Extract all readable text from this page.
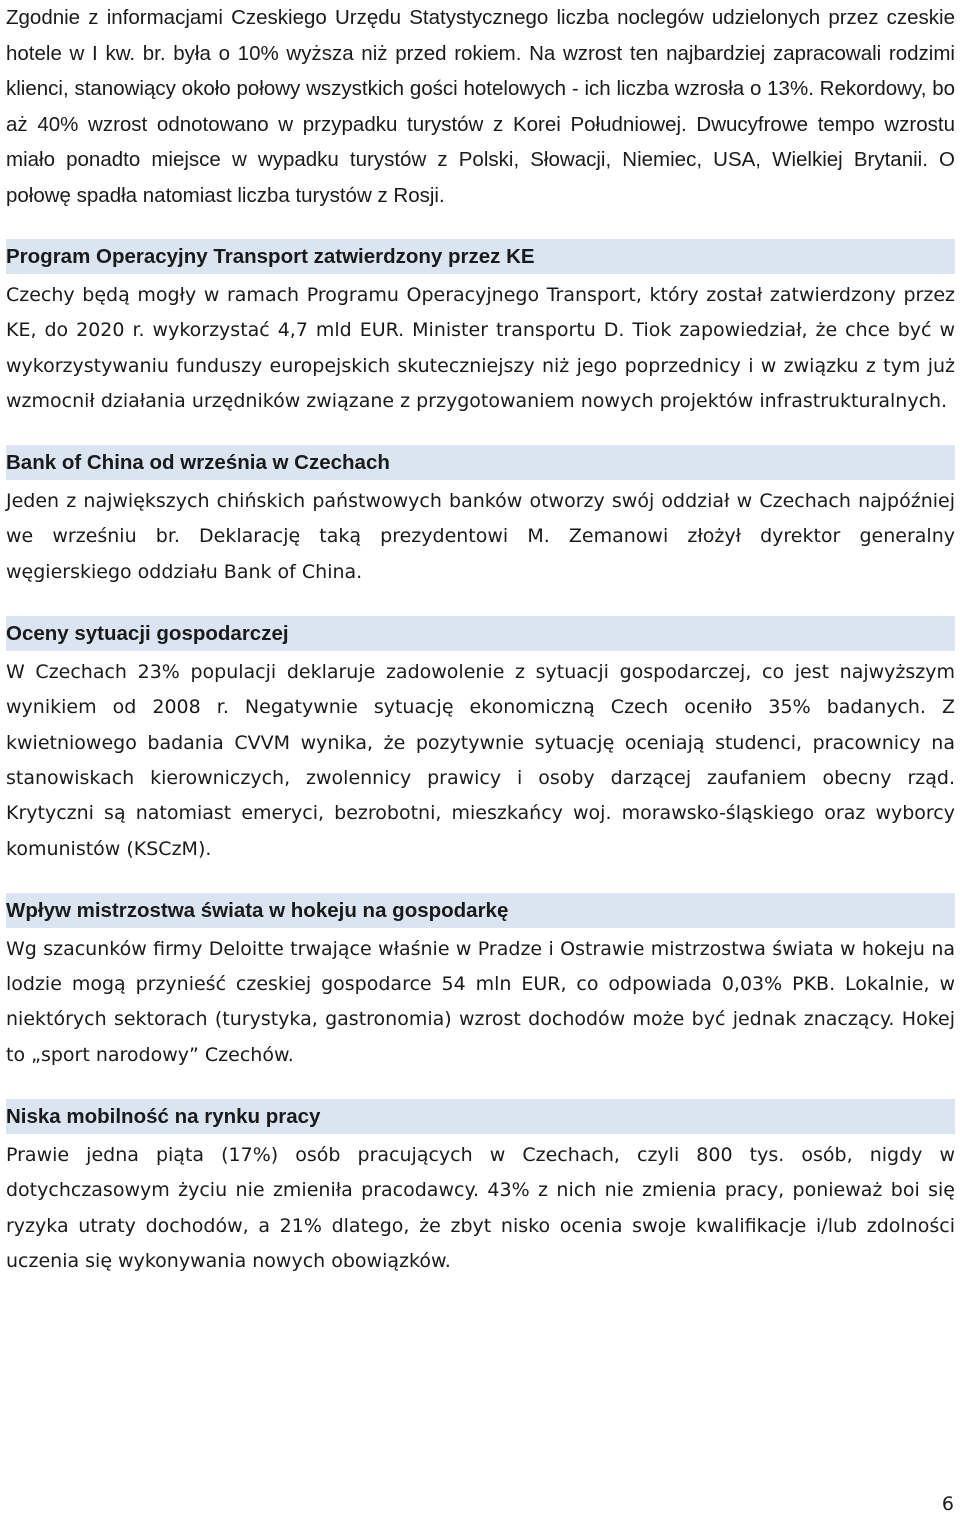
Zgodnie z informacjami Czeskiego Urzędu Statystycznego liczba noclegów udzielonych przez czeskie hotele w I kw. br. była o 10% wyższa niż przed rokiem. Na wzrost ten najbardziej zapracowali rodzimi klienci, stanowiący około połowy wszystkich gości hotelowych - ich liczba wzrosła o 13%. Rekordowy, bo aż 40% wzrost odnotowano w przypadku turystów z Korei Południowej. Dwucyfrowe tempo wzrostu miało ponadto miejsce w wypadku turystów z Polski, Słowacji, Niemiec, USA, Wielkiej Brytanii. O połowę spadła natomiast liczba turystów z Rosji.

Program Operacyjny Transport zatwierdzony przez KE

Czechy będą mogły w ramach Programu Operacyjnego Transport, który został zatwierdzony przez KE, do 2020 r. wykorzystać 4,7 mld EUR. Minister transportu D. Tiok zapowiedział, że chce być w wykorzystywaniu funduszy europejskich skuteczniejszy niż jego poprzednicy i w związku z tym już wzmocnił działania urzędników związane z przygotowaniem nowych projektów infrastrukturalnych.

Bank of China od września w Czechach

Jeden z największych chińskich państwowych banków otworzy swój oddział w Czechach najpóźniej we wrześniu br. Deklarację taką prezydentowi M. Zemanowi złożył dyrektor generalny węgierskiego oddziału Bank of China.

Oceny sytuacji gospodarczej

W Czechach 23% populacji deklaruje zadowolenie z sytuacji gospodarczej, co jest najwyższym wynikiem od 2008 r. Negatywnie sytuację ekonomiczną Czech oceniło 35% badanych. Z kwietniowego badania CVVM wynika, że pozytywnie sytuację oceniają studenci, pracownicy na stanowiskach kierowniczych, zwolennicy prawicy i osoby darzącej zaufaniem obecny rząd. Krytyczni są natomiast emeryci, bezrobotni, mieszkańcy woj. morawsko-śląskiego oraz wyborcy komunistów (KSCzM).

Wpływ mistrzostwa świata w hokeju na gospodarkę

Wg szacunków firmy Deloitte trwające właśnie w Pradze i Ostrawie mistrzostwa świata w hokeju na lodzie mogą przynieść czeskiej gospodarce 54 mln EUR, co odpowiada 0,03% PKB. Lokalnie, w niektórych sektorach (turystyka, gastronomia) wzrost dochodów może być jednak znaczący. Hokej to „sport narodowy” Czechów.

Niska mobilność na rynku pracy

Prawie jedna piąta (17%) osób pracujących w Czechach, czyli 800 tys. osób, nigdy w dotychczasowym życiu nie zmieniła pracodawcy. 43% z nich nie zmienia pracy, ponieważ boi się ryzyka utraty dochodów, a 21% dlatego, że zbyt nisko ocenia swoje kwalifikacje i/lub zdolności uczenia się wykonywania nowych obowiązków.

6
